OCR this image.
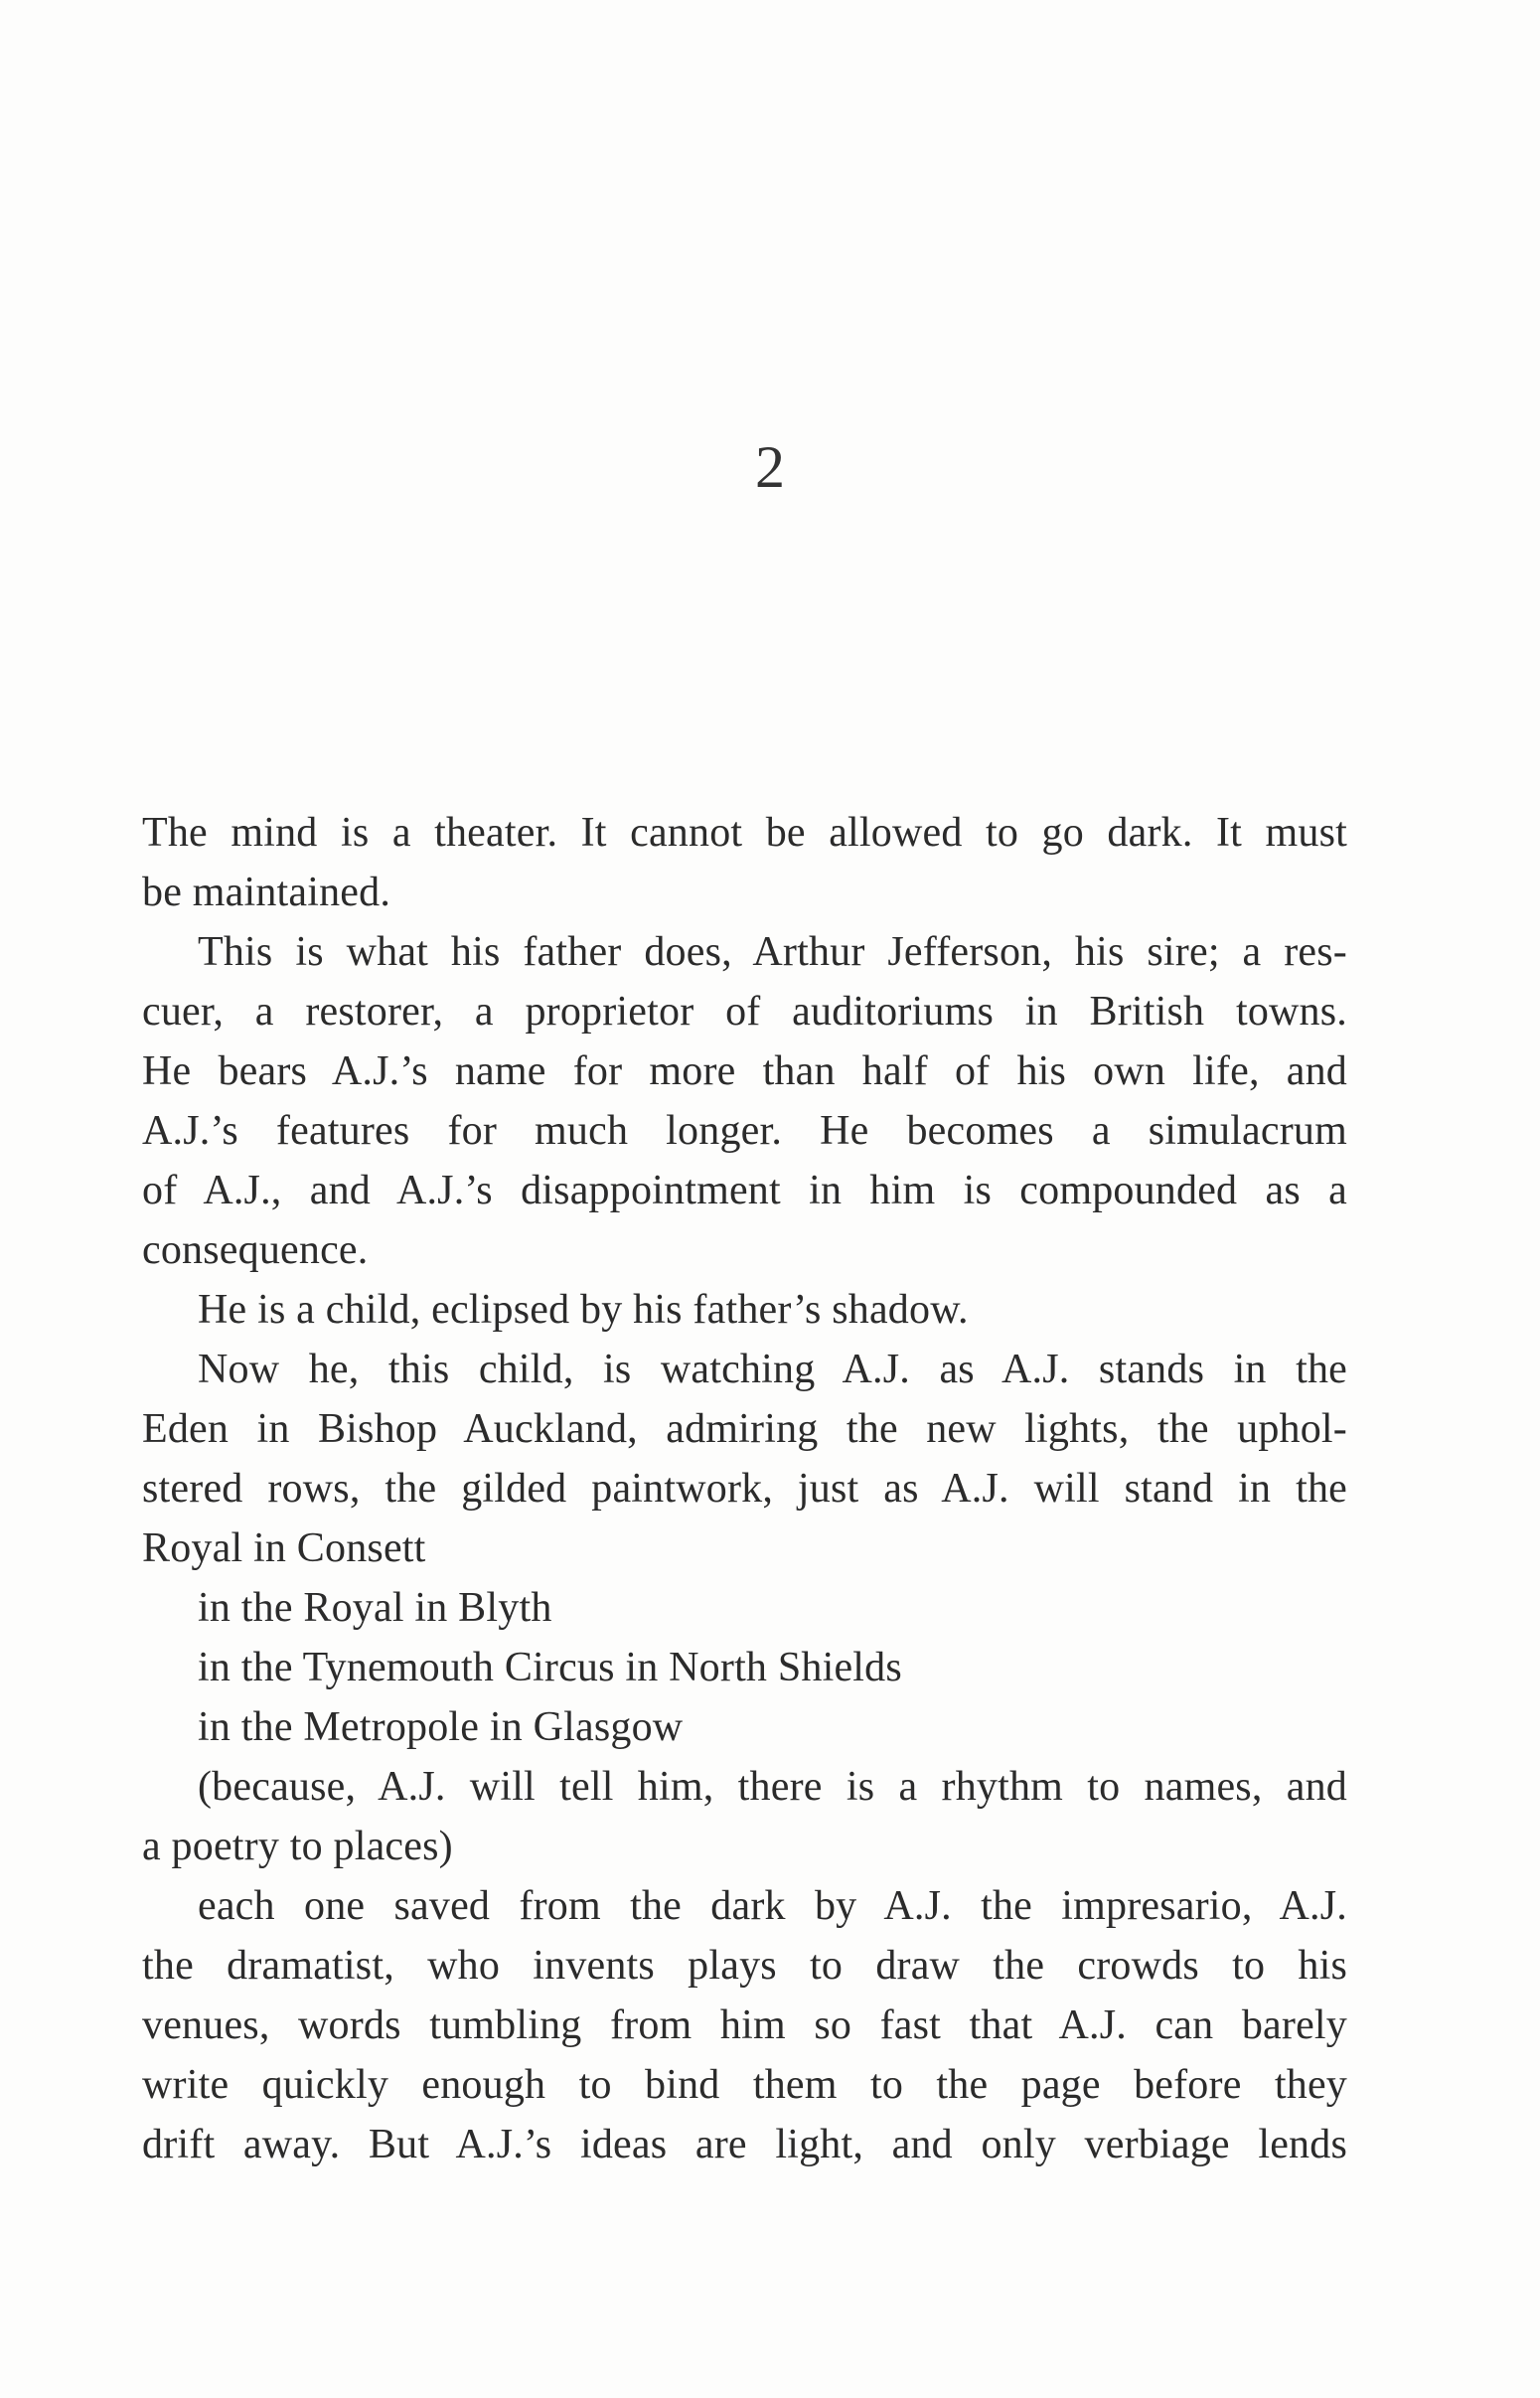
2
The mind is a theater. It cannot be allowed to go dark. It must
be maintained.
This is what his father does, Arthur Jefferson, his sire; a res-
cuer, a restorer, a proprietor of auditoriums in British towns.
He bears A.J.’s name for more than half of his own life, and
A.J.’s features for much longer. He becomes a simulacrum
of A.J., and A.J.’s disappointment in him is compounded as a
consequence.
He is a child, eclipsed by his father’s shadow.
Now he, this child, is watching A.J. as A.J. stands in the
Eden in Bishop Auckland, admiring the new lights, the uphol-
stered rows, the gilded paintwork, just as A.J. will stand in the
Royal in Consett
in the Royal in Blyth
in the Tynemouth Circus in North Shields
in the Metropole in Glasgow
(because, A.J. will tell him, there is a rhythm to names, and
a poetry to places)
each one saved from the dark by A.J. the impresario, A.J.
the dramatist, who invents plays to draw the crowds to his
venues, words tumbling from him so fast that A.J. can barely
write quickly enough to bind them to the page before they
drift away. But A.J.’s ideas are light, and only verbiage lends
